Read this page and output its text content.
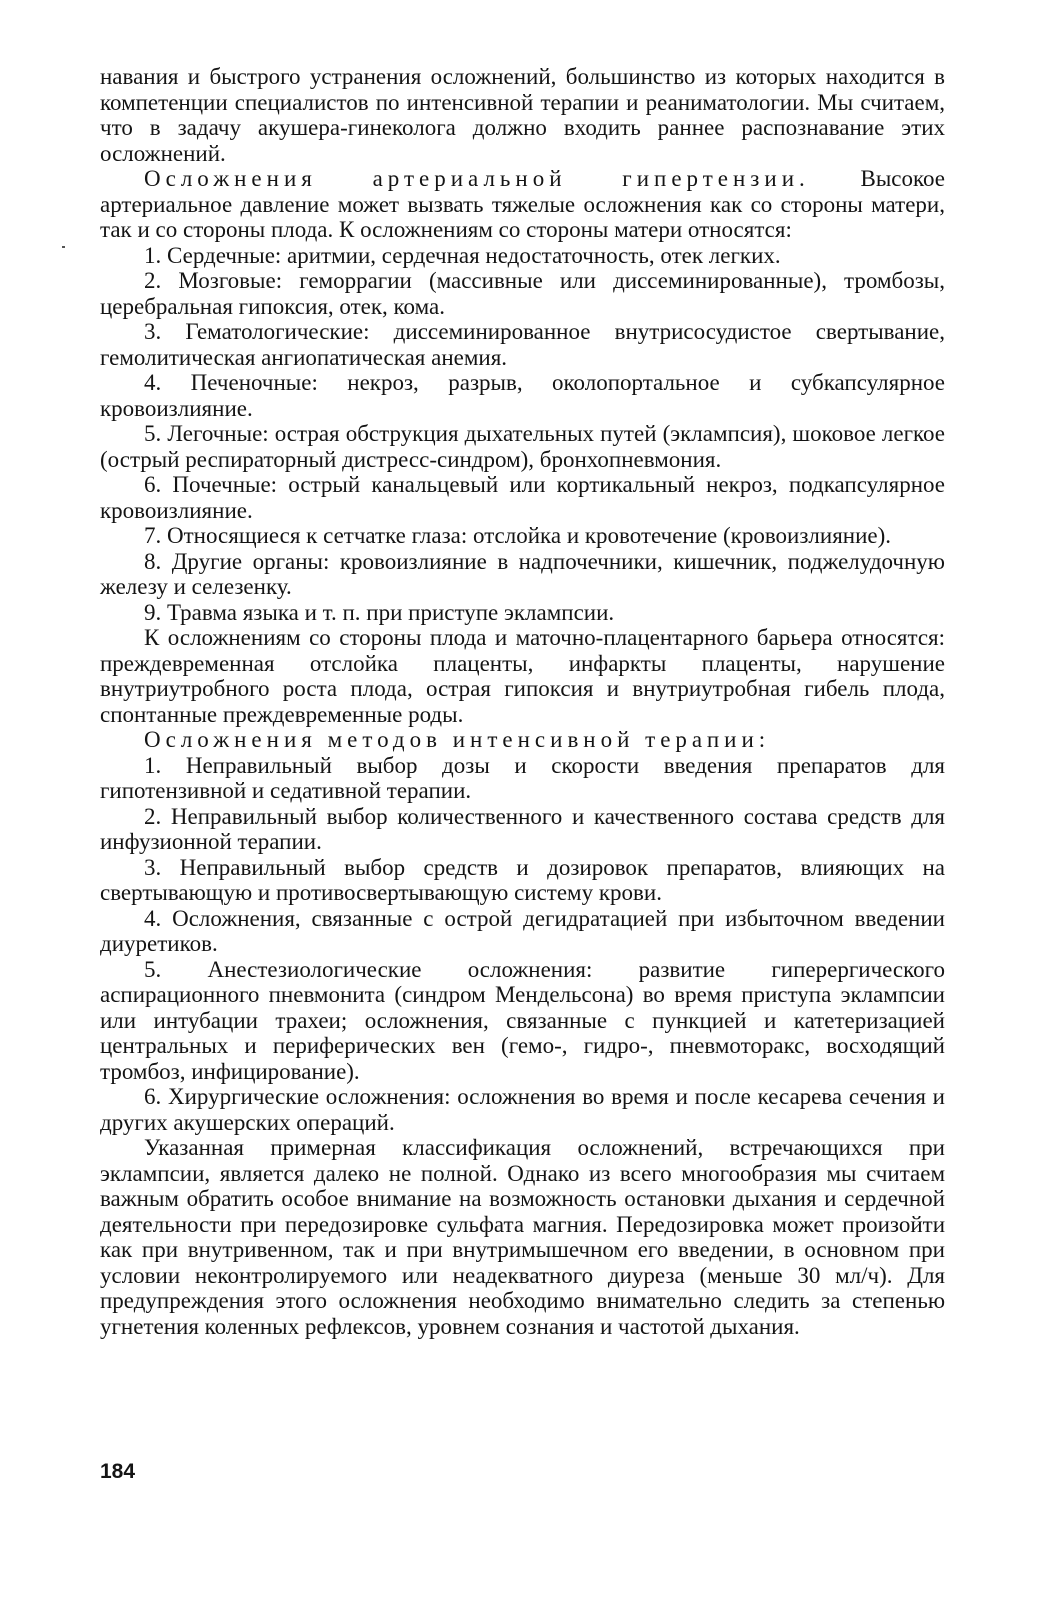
навания и быстрого устранения осложнений, большинство из которых находится в компетенции специалистов по интенсивной терапии и реаниматологии. Мы считаем, что в задачу акушера-гинеколога должно входить раннее распознавание этих осложнений.

Осложнения артериальной гипертензии. Высокое артериальное давление может вызвать тяжелые осложнения как со стороны матери, так и со стороны плода. К осложнениям со стороны матери относятся:

1. Сердечные: аритмии, сердечная недостаточность, отек легких.

2. Мозговые: геморрагии (массивные или диссеминированные), тромбозы, церебральная гипоксия, отек, кома.

3. Гематологические: диссеминированное внутрисосудистое свертывание, гемолитическая ангиопатическая анемия.

4. Печеночные: некроз, разрыв, околопортальное и субкапсулярное кровоизлияние.

5. Легочные: острая обструкция дыхательных путей (эклампсия), шоковое легкое (острый респираторный дистресс-синдром), бронхопневмония.

6. Почечные: острый канальцевый или кортикальный некроз, подкапсулярное кровоизлияние.

7. Относящиеся к сетчатке глаза: отслойка и кровотечение (кровоизлияние).

8. Другие органы: кровоизлияние в надпочечники, кишечник, поджелудочную железу и селезенку.

9. Травма языка и т. п. при приступе эклампсии.

К осложнениям со стороны плода и маточно-плацентарного барьера относятся: преждевременная отслойка плаценты, инфаркты плаценты, нарушение внутриутробного роста плода, острая гипоксия и внутриутробная гибель плода, спонтанные преждевременные роды.

Осложнения методов интенсивной терапии:

1. Неправильный выбор дозы и скорости введения препаратов для гипотензивной и седативной терапии.

2. Неправильный выбор количественного и качественного состава средств для инфузионной терапии.

3. Неправильный выбор средств и дозировок препаратов, влияющих на свертывающую и противосвертывающую систему крови.

4. Осложнения, связанные с острой дегидратацией при избыточном введении диуретиков.

5. Анестезиологические осложнения: развитие гиперергического аспирационного пневмонита (синдром Мендельсона) во время приступа эклампсии или интубации трахеи; осложнения, связанные с пункцией и катетеризацией центральных и периферических вен (гемо-, гидро-, пневмоторакс, восходящий тромбоз, инфицирование).

6. Хирургические осложнения: осложнения во время и после кесарева сечения и других акушерских операций.

Указанная примерная классификация осложнений, встречающихся при эклампсии, является далеко не полной. Однако из всего многообразия мы считаем важным обратить особое внимание на возможность остановки дыхания и сердечной деятельности при передозировке сульфата магния. Передозировка может произойти как при внутривенном, так и при внутримышечном его введении, в основном при условии неконтролируемого или неадекватного диуреза (меньше 30 мл/ч). Для предупреждения этого осложнения необходимо внимательно следить за степенью угнетения коленных рефлексов, уровнем сознания и частотой дыхания.

184
